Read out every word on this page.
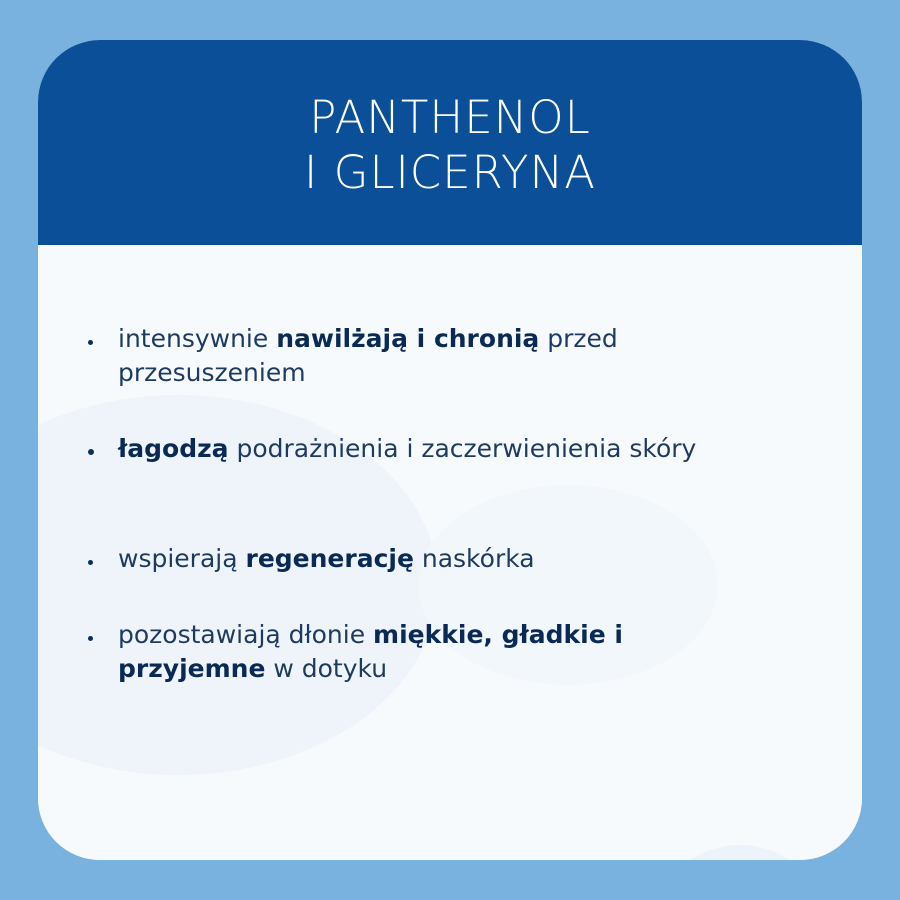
PANTHENOL
I GLICERYNA
intensywnie nawilżają i chronią przed przesuszeniem
łagodzą podrażnienia i zaczerwienienia skóry
wspierają regenerację naskórka
pozostawiają dłonie miękkie, gładkie i przyjemne w dotyku
